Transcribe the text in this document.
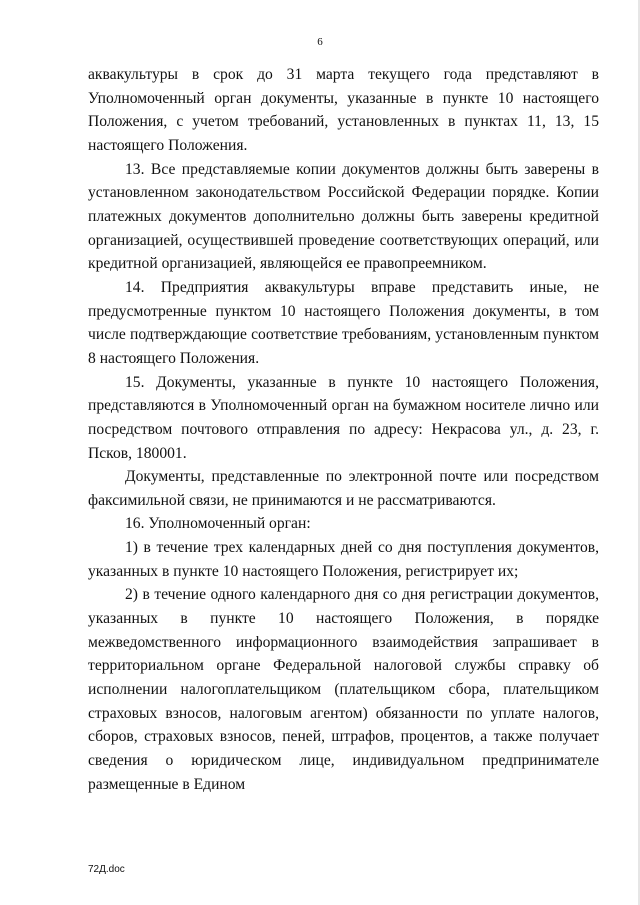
6

аквакультуры в срок до 31 марта текущего года представляют в Уполномоченный орган документы, указанные в пункте 10 настоящего Положения, с учетом требований, установленных в пунктах 11, 13, 15 настоящего Положения.

13. Все представляемые копии документов должны быть заверены в установленном законодательством Российской Федерации порядке. Копии платежных документов дополнительно должны быть заверены кредитной организацией, осуществившей проведение соответствующих операций, или кредитной организацией, являющейся ее правопреемником.

14. Предприятия аквакультуры вправе представить иные, не предусмотренные пунктом 10 настоящего Положения документы, в том числе подтверждающие соответствие требованиям, установленным пунктом 8 настоящего Положения.

15. Документы, указанные в пункте 10 настоящего Положения, представляются в Уполномоченный орган на бумажном носителе лично или посредством почтового отправления по адресу: Некрасова ул., д. 23, г. Псков, 180001.

Документы, представленные по электронной почте или посредством факсимильной связи, не принимаются и не рассматриваются.

16. Уполномоченный орган:

1) в течение трех календарных дней со дня поступления документов, указанных в пункте 10 настоящего Положения, регистрирует их;

2) в течение одного календарного дня со дня регистрации документов, указанных в пункте 10 настоящего Положения, в порядке межведомственного информационного взаимодействия запрашивает в территориальном органе Федеральной налоговой службы справку об исполнении налогоплательщиком (плательщиком сбора, плательщиком страховых взносов, налоговым агентом) обязанности по уплате налогов, сборов, страховых взносов, пеней, штрафов, процентов, а также получает сведения о юридическом лице, индивидуальном предпринимателе размещенные в Едином

72Д.doc
